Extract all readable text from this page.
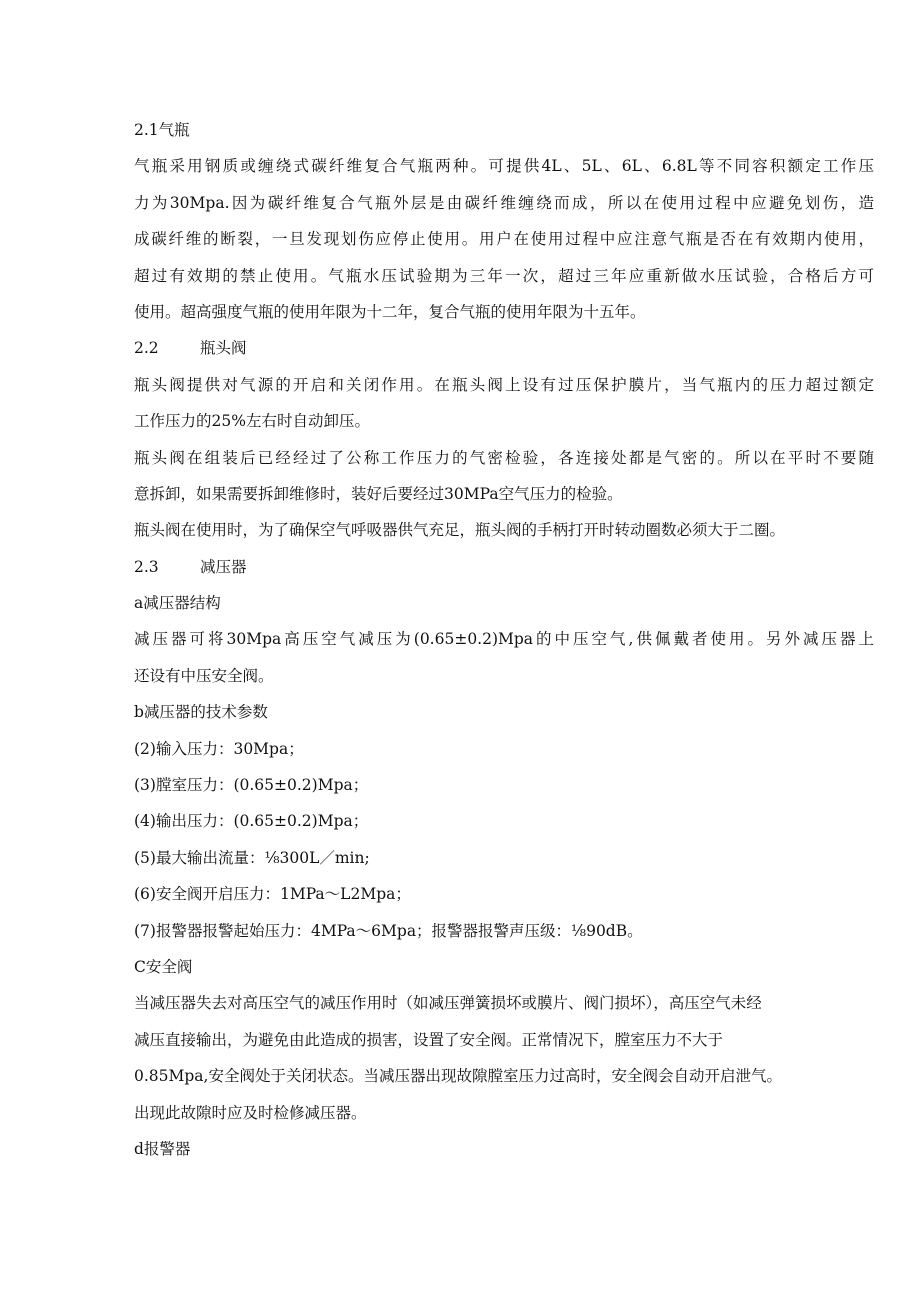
2.1气瓶
气瓶采用钢质或缠绕式碳纤维复合气瓶两种。可提供4L、5L、6L、6.8L等不同容积额定工作压
力为30Mpa.因为碳纤维复合气瓶外层是由碳纤维缠绕而成，所以在使用过程中应避免划伤，造
成碳纤维的断裂，一旦发现划伤应停止使用。用户在使用过程中应注意气瓶是否在有效期内使用，
超过有效期的禁止使用。气瓶水压试验期为三年一次，超过三年应重新做水压试验，合格后方可
使用。超高强度气瓶的使用年限为十二年，复合气瓶的使用年限为十五年。
2.2	瓶头阀
瓶头阀提供对气源的开启和关闭作用。在瓶头阀上设有过压保护膜片，当气瓶内的压力超过额定
工作压力的25%左右时自动卸压。
瓶头阀在组装后已经经过了公称工作压力的气密检验，各连接处都是气密的。所以在平时不要随
意拆卸，如果需要拆卸维修时，装好后要经过30MPa空气压力的检验。
瓶头阀在使用时，为了确保空气呼吸器供气充足，瓶头阀的手柄打开时转动圈数必须大于二圈。
2.3	减压器
a减压器结构
减压器可将30Mpa高压空气减压为(0.65±0.2)Mpa的中压空气,供佩戴者使用。另外减压器上
还设有中压安全阀。
b减压器的技术参数
(2)输入压力：30Mpa；
(3)膛室压力：(0.65±0.2)Mpa；
(4)输出压力：(0.65±0.2)Mpa；
(5)最大输出流量：⅛300L／min;
(6)安全阀开启压力：1MPa～L2Mpa；
(7)报警器报警起始压力：4MPa～6Mpa；报警器报警声压级：⅛90dB。
C安全阀
当减压器失去对高压空气的减压作用时（如减压弹簧损坏或膜片、阀门损坏），高压空气未经
减压直接输出，为避免由此造成的损害，设置了安全阀。正常情况下，膛室压力不大于
0.85Mpa,安全阀处于关闭状态。当减压器出现故隙膛室压力过高时，安全阀会自动开启泄气。
出现此故隙时应及时检修减压器。
d报警器
